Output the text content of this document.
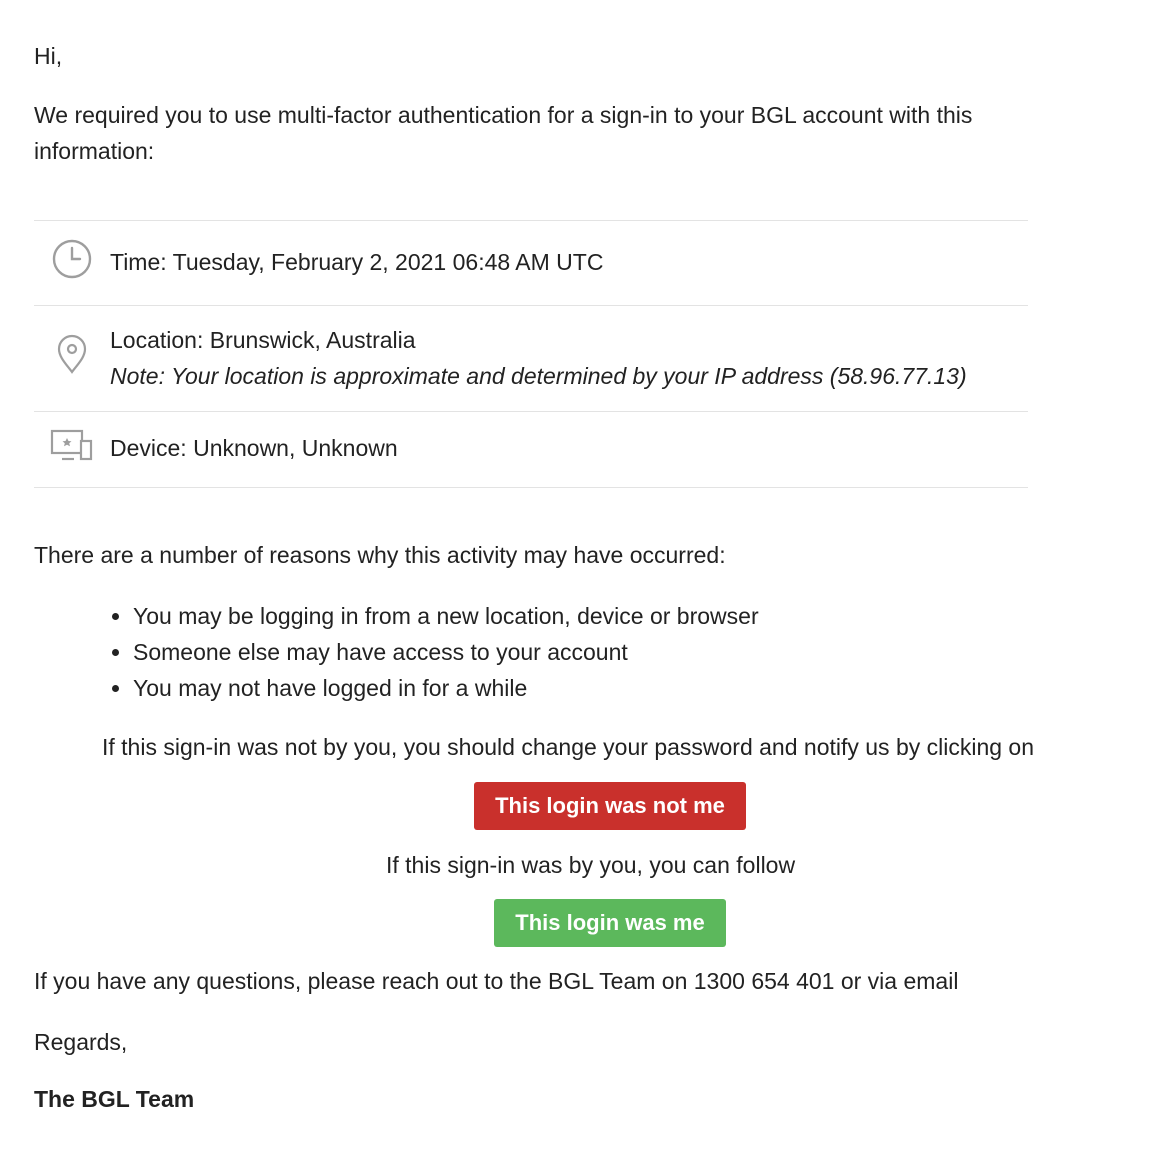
Hi,
We required you to use multi-factor authentication for a sign-in to your BGL account with this information:
Time: Tuesday, February 2, 2021 06:48 AM UTC
Location: Brunswick, Australia
Note: Your location is approximate and determined by your IP address (58.96.77.13)
Device: Unknown, Unknown
There are a number of reasons why this activity may have occurred:
• You may be logging in from a new location, device or browser
• Someone else may have access to your account
• You may not have logged in for a while
If this sign-in was not by you, you should change your password and notify us by clicking on
This login was not me
If this sign-in was by you, you can follow
This login was me
If you have any questions, please reach out to the BGL Team on 1300 654 401 or via email
Regards,
The BGL Team
